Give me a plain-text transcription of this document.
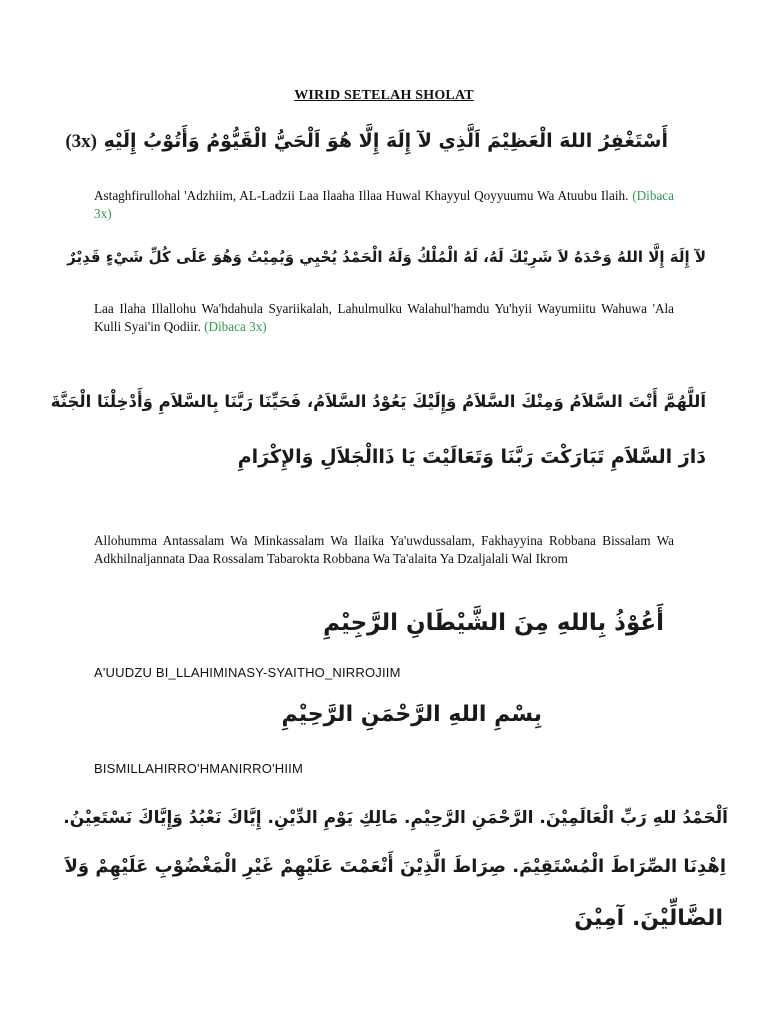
WIRID SETELAH SHOLAT
أَسْتَغْفِرُ اللهَ الْعَظِيْمَ اَلَّذِي لآ إِلَهَ إِلَّا هُوَ اَلْحَيُّ الْقَيُّوْمُ وَأَتُوْبُ إِلَيْهِ (3x)
Astaghfirullohal 'Adzhiim, AL-Ladzii Laa Ilaaha Illaa Huwal Khayyul Qoyyuumu Wa Atuubu Ilaih. (Dibaca 3x)
لآ إِلَهَ إِلَّا اللهُ وَحْدَهُ لاَ شَرِيْكَ لَهُ، لَهُ الْمُلْكُ وَلَهُ الْحَمْدُ يُحْيِي وَيُمِيْتُ وَهُوَ عَلَى كُلِّ شَيْءٍ قَدِيْرٌ
Laa Ilaha Illallohu Wa'hdahula Syariikalah, Lahulmulku Walahul'hamdu Yu'hyii Wayumiitu Wahuwa 'Ala Kulli Syai'in Qodiir. (Dibaca 3x)
اَللَّهُمَّ أَنْتَ السَّلاَمُ وَمِنْكَ السَّلاَمُ وَإِلَيْكَ يَعُوْدُ السَّلاَمُ، فَحَيِّنَا رَبَّنَا بِالسَّلاَمِ وَأَدْخِلْنَا الْجَنَّةَ
دَارَ السَّلاَمِ تَبَارَكْتَ رَبَّنَا وَتَعَالَيْتَ يَا ذَاالْجَلاَلِ وَالإِكْرَامِ
Allohumma Antassalam Wa Minkassalam Wa Ilaika Ya'uwdussalam, Fakhayyina Robbana Bissalam Wa Adkhilnaljannata Daa Rossalam Tabarokta Robbana Wa Ta'alaita Ya Dzaljalali Wal Ikrom
أَعُوْذُ بِاللهِ مِنَ الشَّيْطَانِ الرَّجِيْمِ
A'UUDZU BI_LLAHIMINASY-SYAITHO_NIRROJIIM
بِسْمِ اللهِ الرَّحْمَنِ الرَّحِيْمِ
BISMILLAHIRRO'HMANIRRO'HIIM
اَلْحَمْدُ للهِ رَبِّ الْعَالَمِيْنَ. الرَّحْمَنِ الرَّحِيْمِ. مَالِكِ يَوْمِ الدِّيْنِ. إِيَّاكَ نَعْبُدُ وَإِيَّاكَ نَسْتَعِيْنُ.
اِهْدِنَا الصِّرَاطَ الْمُسْتَقِيْمَ. صِرَاطَ الَّذِيْنَ أَنْعَمْتَ عَلَيْهِمْ غَيْرِ الْمَغْضُوْبِ عَلَيْهِمْ وَلاَ
الضَّالِّيْنَ. آمِيْنَ
